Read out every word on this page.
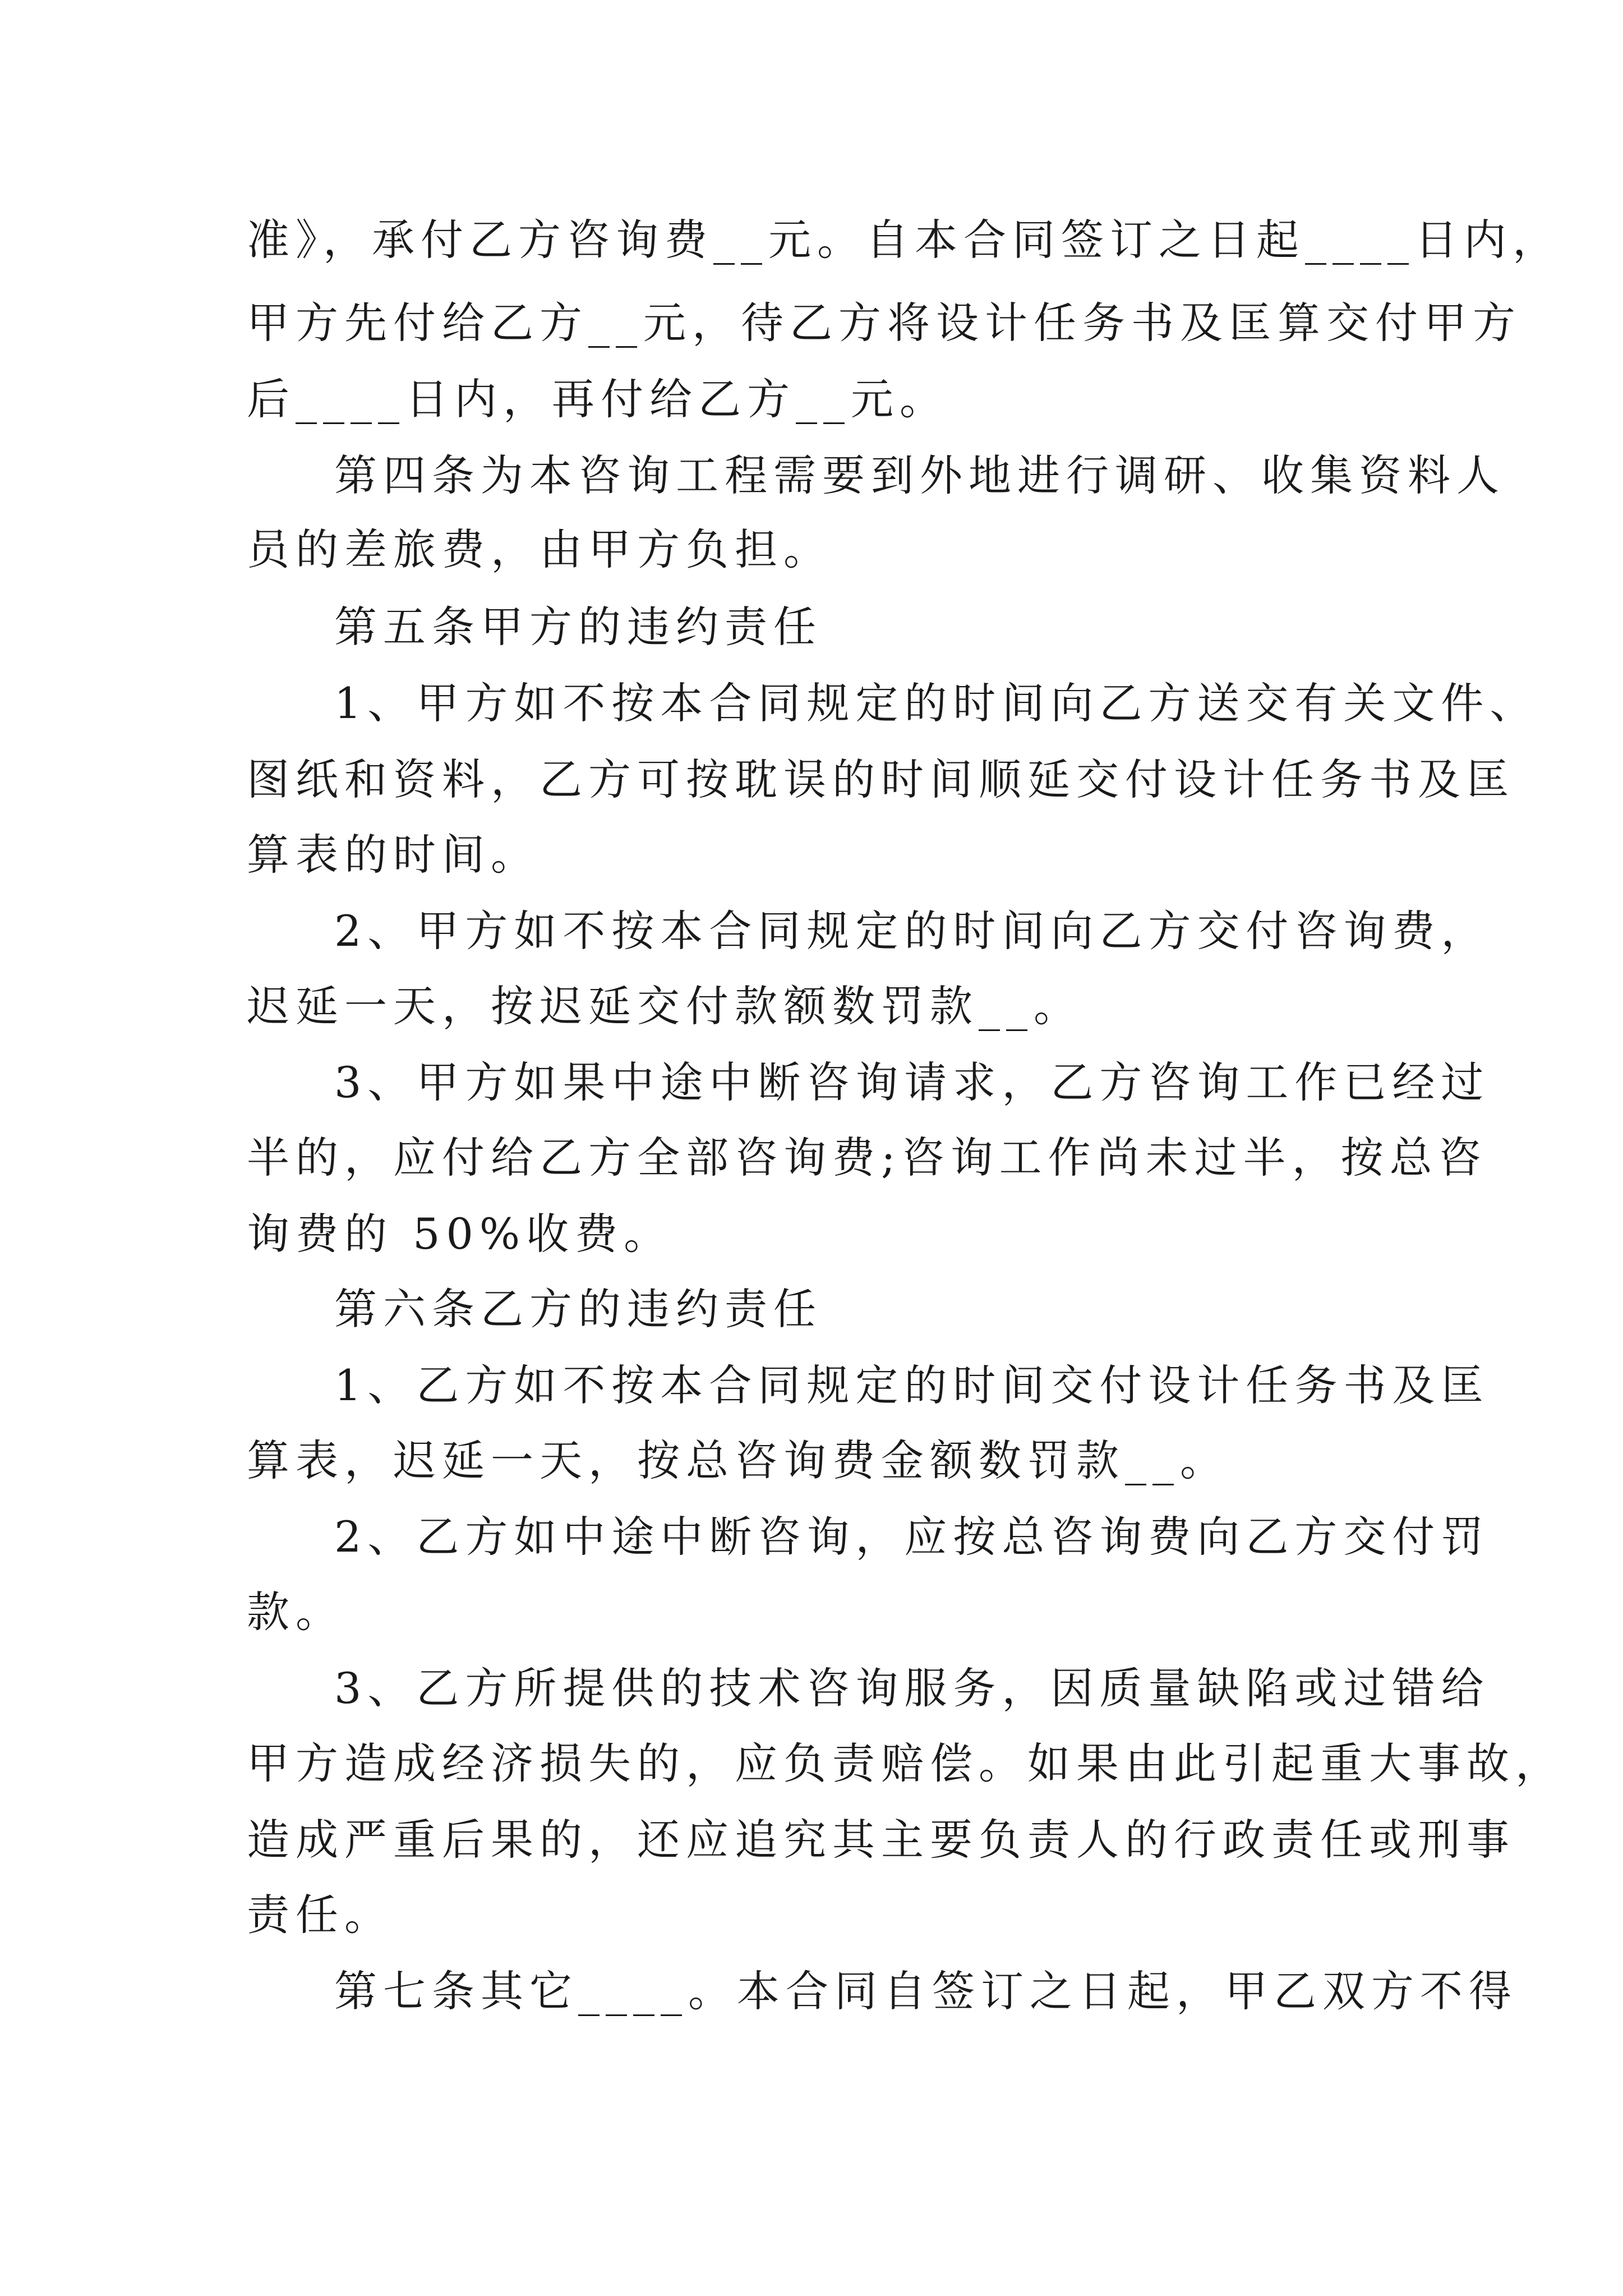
准》，承付乙方咨询费__元。自本合同签订之日起____日内，
甲方先付给乙方__元，待乙方将设计任务书及匡算交付甲方
后____日内，再付给乙方__元。
第四条为本咨询工程需要到外地进行调研、收集资料人
员的差旅费，由甲方负担。
第五条甲方的违约责任
1、甲方如不按本合同规定的时间向乙方送交有关文件、
图纸和资料，乙方可按耽误的时间顺延交付设计任务书及匡
算表的时间。
2、甲方如不按本合同规定的时间向乙方交付咨询费，
迟延一天，按迟延交付款额数罚款__。
3、甲方如果中途中断咨询请求，乙方咨询工作已经过
半的，应付给乙方全部咨询费;咨询工作尚未过半，按总咨
询费的 50%收费。
第六条乙方的违约责任
1、乙方如不按本合同规定的时间交付设计任务书及匡
算表，迟延一天，按总咨询费金额数罚款__。
2、乙方如中途中断咨询，应按总咨询费向乙方交付罚
款。
3、乙方所提供的技术咨询服务，因质量缺陷或过错给
甲方造成经济损失的，应负责赔偿。如果由此引起重大事故，
造成严重后果的，还应追究其主要负责人的行政责任或刑事
责任。
第七条其它____。本合同自签订之日起，甲乙双方不得
